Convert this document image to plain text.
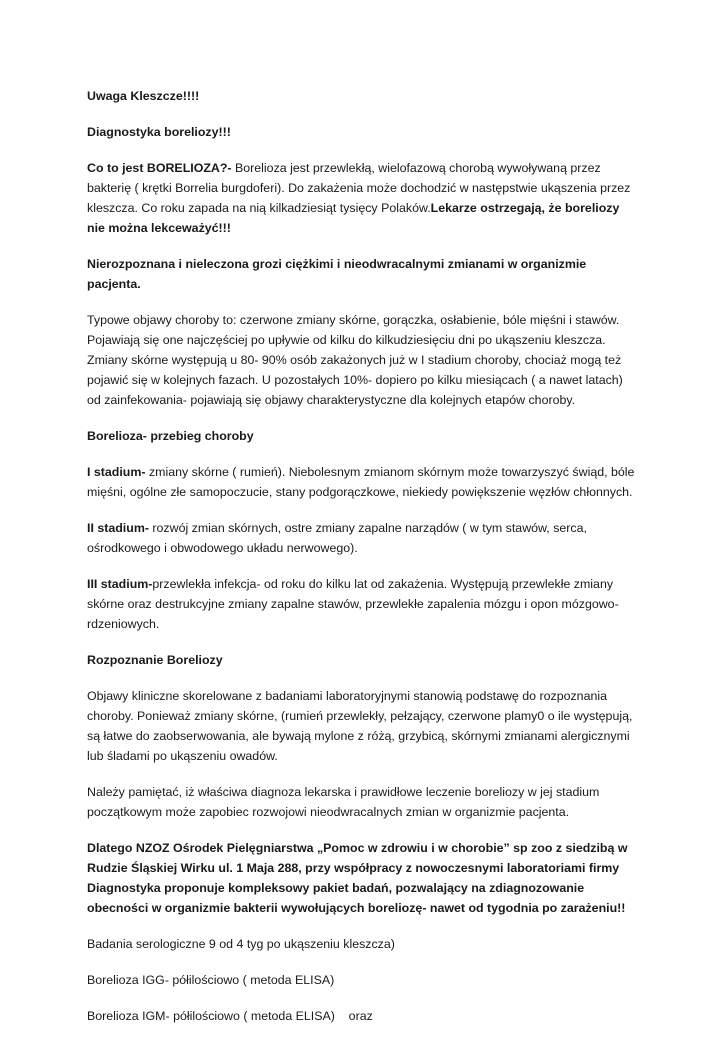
Uwaga Kleszcze!!!!

Diagnostyka boreliozy!!!

Co to jest BORELIOZA?- Borelioza jest przewlekłą, wielofazową chorobą wywoływaną przez bakterię ( krętki Borrelia burgdoferi). Do zakażenia może dochodzić w następstwie ukąszenia przez kleszcza. Co roku zapada na nią kilkadziesiąt tysięcy Polaków.Lekarze ostrzegają, że boreliozy nie można lekceważyć!!!

Nierozpoznana i nieleczona grozi ciężkimi i nieodwracalnymi zmianami w organizmie pacjenta.

Typowe objawy choroby to: czerwone zmiany skórne, gorączka, osłabienie, bóle mięśni i stawów. Pojawiają się one najczęściej po upływie od kilku do kilkudziesięciu dni po ukąszeniu kleszcza. Zmiany skórne występują u 80- 90% osób zakażonych już w I stadium choroby, chociaż mogą też pojawić się w kolejnych fazach. U pozostałych 10%- dopiero po kilku miesiącach ( a nawet latach) od zainfekowania- pojawiają się objawy charakterystyczne dla kolejnych etapów choroby.

Borelioza- przebieg choroby

I stadium- zmiany skórne ( rumień). Niebolesnym zmianom skórnym może towarzyszyć świąd, bóle mięśni, ogólne złe samopoczucie, stany podgorączkowe, niekiedy powiększenie węzłów chłonnych.

II stadium- rozwój zmian skórnych, ostre zmiany zapalne narządów ( w tym stawów, serca, ośrodkowego i obwodowego układu nerwowego).

III stadium-przewlekła infekcja- od roku do kilku lat od zakażenia. Występują przewlekłe zmiany skórne oraz destrukcyjne zmiany zapalne stawów, przewlekłe zapalenia mózgu i opon mózgowo-rdzeniowych.

Rozpoznanie Boreliozy

Objawy kliniczne skorelowane z badaniami laboratoryjnymi stanowią podstawę do rozpoznania choroby. Ponieważ zmiany skórne, (rumień przewlekły, pełzający, czerwone plamy0 o ile występują, są łatwe do zaobserwowania, ale bywają mylone z różą, grzybicą, skórnymi zmianami alergicznymi lub śladami po ukąszeniu owadów.

Należy pamiętać, iż właściwa diagnoza lekarska i prawidłowe leczenie boreliozy w jej stadium początkowym może zapobiec rozwojowi nieodwracalnych zmian w organizmie pacjenta.

Dlatego NZOZ Ośrodek Pielęgniarstwa „Pomoc w zdrowiu i w chorobie” sp zoo z siedzibą w Rudzie Śląskiej Wirku ul. 1 Maja 288, przy współpracy z nowoczesnymi laboratoriami firmy Diagnostyka proponuje kompleksowy pakiet badań, pozwalający na zdiagnozowanie obecności w organizmie bakterii wywołujących boreliozę- nawet od tygodnia po zarażeniu!!

Badania serologiczne 9 od 4 tyg po ukąszeniu kleszcza)

Borelioza IGG- półilościowo ( metoda ELISA)

Borelioza IGM- półilościowo ( metoda ELISA)    oraz
